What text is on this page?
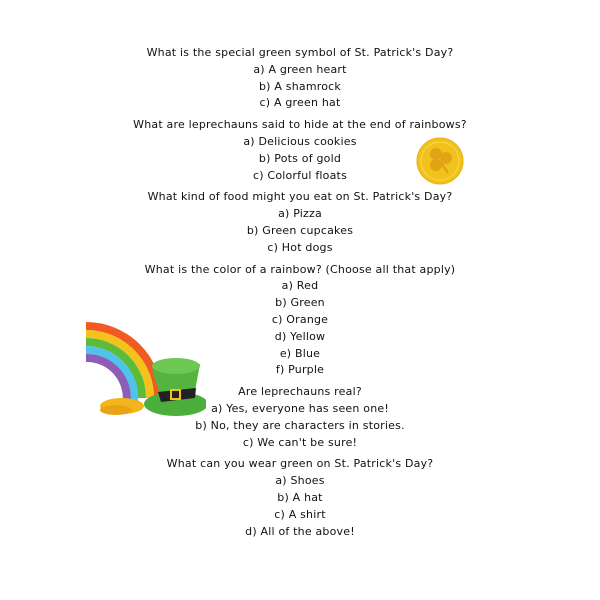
What is the special green symbol of St. Patrick's Day?
a) A green heart
b) A shamrock
c) A green hat
What are leprechauns said to hide at the end of rainbows?
a) Delicious cookies
b) Pots of gold
c) Colorful floats
What kind of food might you eat on St. Patrick's Day?
a) Pizza
b) Green cupcakes
c) Hot dogs
What is the color of a rainbow? (Choose all that apply)
a) Red
b) Green
c) Orange
d) Yellow
e) Blue
f) Purple
Are leprechauns real?
a) Yes, everyone has seen one!
b) No, they are characters in stories.
c) We can't be sure!
What can you wear green on St. Patrick's Day?
a) Shoes
b) A hat
c) A shirt
d) All of the above!
